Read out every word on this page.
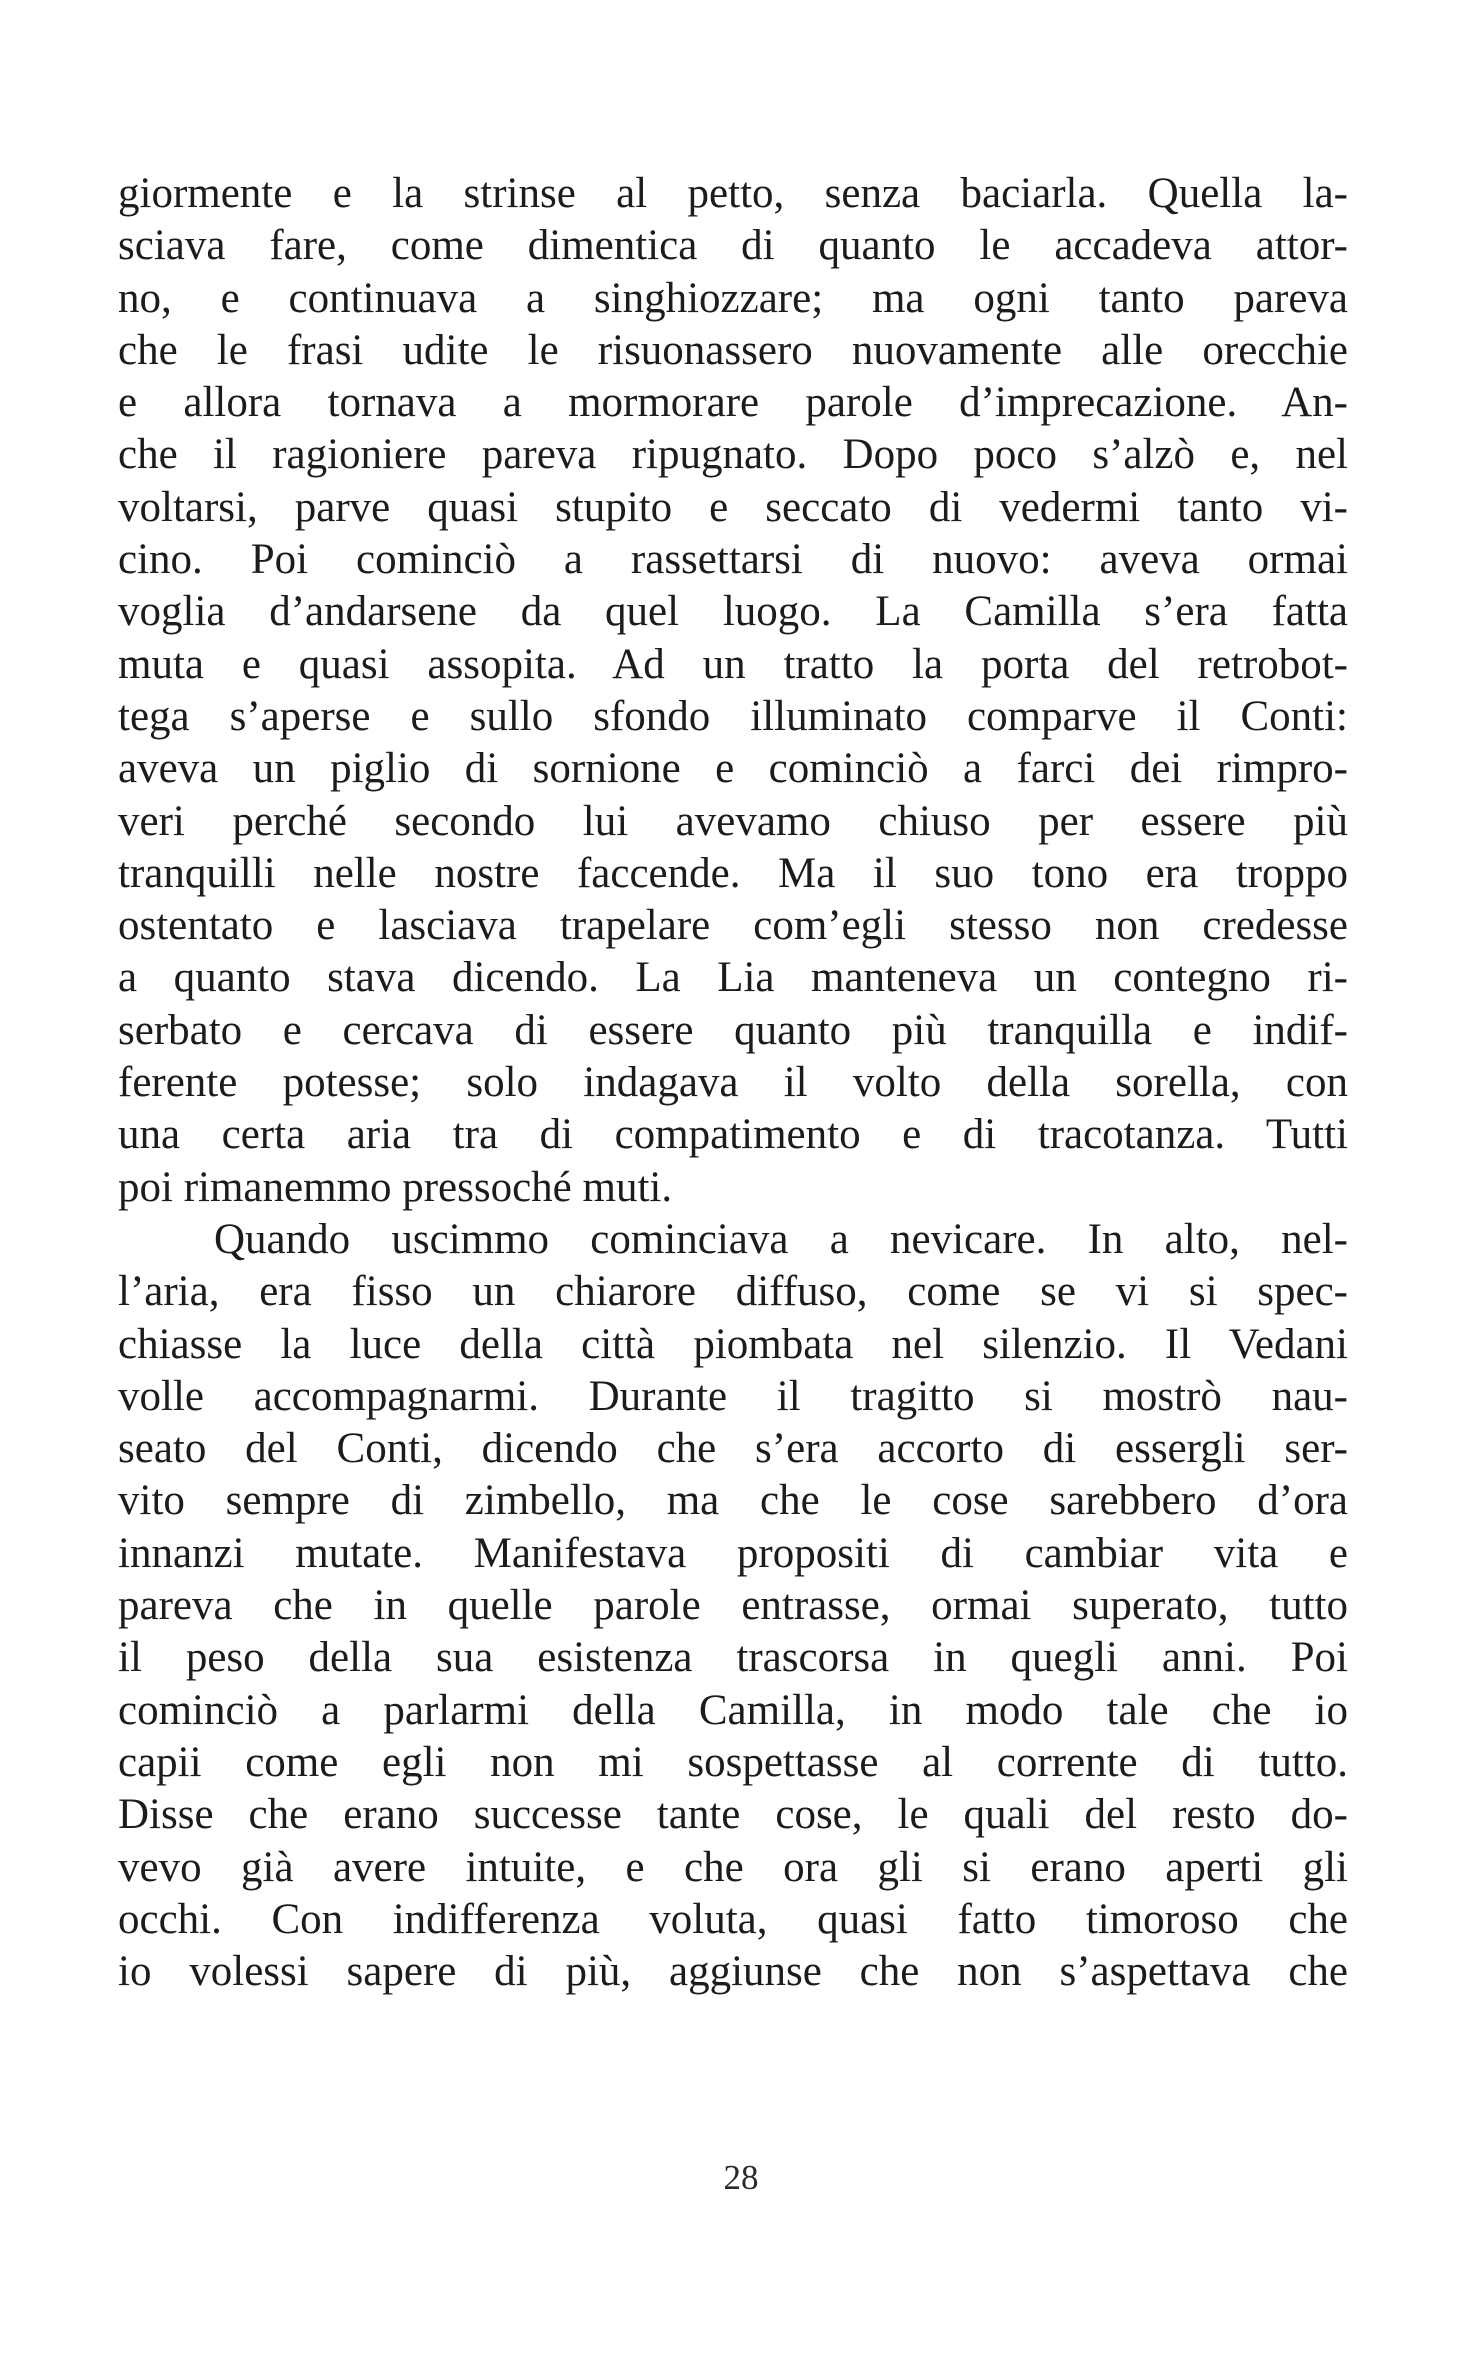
giormente e la strinse al petto, senza baciarla. Quella la-
sciava fare, come dimentica di quanto le accadeva attor-
no, e continuava a singhiozzare; ma ogni tanto pareva
che le frasi udite le risuonassero nuovamente alle orecchie
e allora tornava a mormorare parole d’imprecazione. An-
che il ragioniere pareva ripugnato. Dopo poco s’alzò e, nel
voltarsi, parve quasi stupito e seccato di vedermi tanto vi-
cino. Poi cominciò a rassettarsi di nuovo: aveva ormai
voglia d’andarsene da quel luogo. La Camilla s’era fatta
muta e quasi assopita. Ad un tratto la porta del retrobot-
tega s’aperse e sullo sfondo illuminato comparve il Conti:
aveva un piglio di sornione e cominciò a farci dei rimpro-
veri perché secondo lui avevamo chiuso per essere più
tranquilli nelle nostre faccende. Ma il suo tono era troppo
ostentato e lasciava trapelare com’egli stesso non credesse
a quanto stava dicendo. La Lia manteneva un contegno ri-
serbato e cercava di essere quanto più tranquilla e indif-
ferente potesse; solo indagava il volto della sorella, con
una certa aria tra di compatimento e di tracotanza. Tutti
poi rimanemmo pressoché muti.
Quando uscimmo cominciava a nevicare. In alto, nel-
l’aria, era fisso un chiarore diffuso, come se vi si spec-
chiasse la luce della città piombata nel silenzio. Il Vedani
volle accompagnarmi. Durante il tragitto si mostrò nau-
seato del Conti, dicendo che s’era accorto di essergli ser-
vito sempre di zimbello, ma che le cose sarebbero d’ora
innanzi mutate. Manifestava propositi di cambiar vita e
pareva che in quelle parole entrasse, ormai superato, tutto
il peso della sua esistenza trascorsa in quegli anni. Poi
cominciò a parlarmi della Camilla, in modo tale che io
capii come egli non mi sospettasse al corrente di tutto.
Disse che erano successe tante cose, le quali del resto do-
vevo già avere intuite, e che ora gli si erano aperti gli
occhi. Con indifferenza voluta, quasi fatto timoroso che
io volessi sapere di più, aggiunse che non s’aspettava che
28
